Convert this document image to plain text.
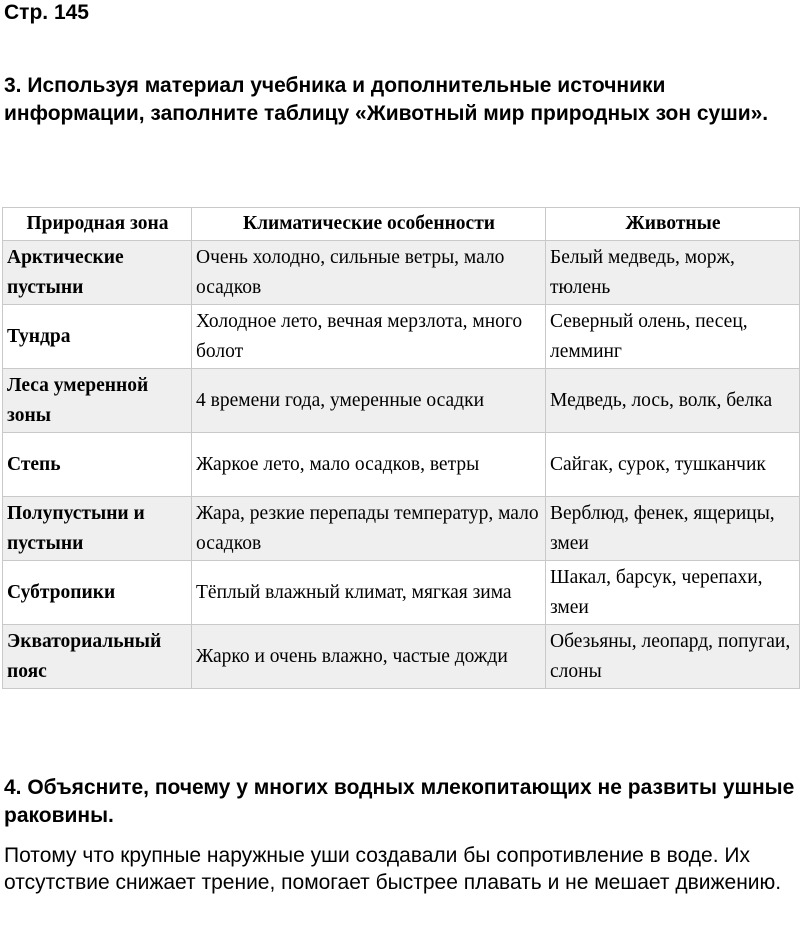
Стр. 145

3. Используя материал учебника и дополнительные источники информации, заполните таблицу «Животный мир природных зон суши».

Природная зона	Климатические особенности	Животные
Арктические пустыни	Очень холодно, сильные ветры, мало осадков	Белый медведь, морж, тюлень
Тундра	Холодное лето, вечная мерзлота, много болот	Северный олень, песец, лемминг
Леса умеренной зоны	4 времени года, умеренные осадки	Медведь, лось, волк, белка
Степь	Жаркое лето, мало осадков, ветры	Сайгак, сурок, тушканчик
Полупустыни и пустыни	Жара, резкие перепады температур, мало осадков	Верблюд, фенек, ящерицы, змеи
Субтропики	Тёплый влажный климат, мягкая зима	Шакал, барсук, черепахи, змеи
Экваториальный пояс	Жарко и очень влажно, частые дожди	Обезьяны, леопард, попугаи, слоны

4. Объясните, почему у многих водных млекопитающих не развиты ушные раковины.

Потому что крупные наружные уши создавали бы сопротивление в воде. Их отсутствие снижает трение, помогает быстрее плавать и не мешает движению.
